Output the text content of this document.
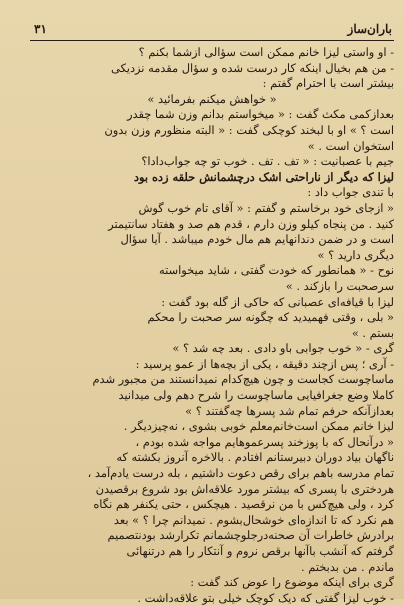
باران‌ساز
۳۱
- او واستی لیزا خانم ممکن است سؤالی ازشما بکنم ؟
- من هم بخیال اینکه کار درست شده و سؤال مقدمه نزدیکی
بیشتر است با احترام گفتم :
« خواهش میکنم بفرمائید »
بعدازکمی مکث گفت : « میخواستم بدانم وزن شما چقدر
است ؟ » او با لبخند کوچکی گفت : « البته منظورم وزن بدون
استخوان است . »
جیم با عصبانیت : « تف . تف . خوب تو چه جواب‌دادا؟
لیزا که دیگر از ناراحتی اشک درچشمانش حلقه زده بود
با تندی جواب داد :
« ازجای خود برخاستم و گفتم : « آقای تام خوب گوش
کنید . من پنجاه کیلو وزن دارم ، قدم هم صد و هفتاد سانتیمتر
است و در ضمن دندانهایم هم مال خودم میباشد . آیا سؤال
دیگری دارید ؟ »
نوح - « همانطور که خودت گفتی ، شاید میخواسته
سرصحبت را بازکند . »
لیزا با قیافه‌ای عصبانی که حاکی از گله بود گفت :
« بلی ، وقتی فهمیدید که چگونه سر صحبت را محکم
بستم . »
گری - « خوب جوابی باو دادی . بعد چه شد ؟ »
- آری ؛ پس ازچند دقیقه ، یکی از بچه‌ها از عمو پرسید :
ماساچوست کجاست و چون هیچ‌کدام نمیدانستند من مجبور شدم
کاملا وضع جغرافیایی ماساچوست را شرح دهم ولی میدانید
بعدازآنکه حرفم تمام شد پسرها چه‌گفتند ؟ »
لیزا خانم ممکن است‌خانم‌معلم خوبی بشوی ، نه‌چیزدیگر .
« درآنحال که با پوزخند پسرعموهایم مواجه شده بودم ،
ناگهان بیاد دوران دبیرستانم افتادم . بالاخره آنروز بکشته که
تمام مدرسه باهم برای رقص دعوت داشتیم ، بله درست یادم‌آمد ،
هردختری با پسری که بیشتر مورد علاقه‌اش بود شروع برقصیدن
کرد ، ولی هیچ‌کس با من نرقصید . هیچکس ، حتی یکنفر هم نگاه
هم نکرد که تا اندازه‌ای خوشحال‌بشوم . نمیدانم چرا ؟ » بعد
برادرش خاطرات آن صحنه‌درجلوچشمانم تکرارشد بودنتصمیم
گرفتم که آنشب باآنها برقص نروم و آنتکار را هم درتنهائی
ماندم . من بدبختم .
گری برای اینکه موضوع را عوض کند گفت :
- خوب لیزا گفتی که دیک کوچک خیلی بتو علاقه‌داشت .
